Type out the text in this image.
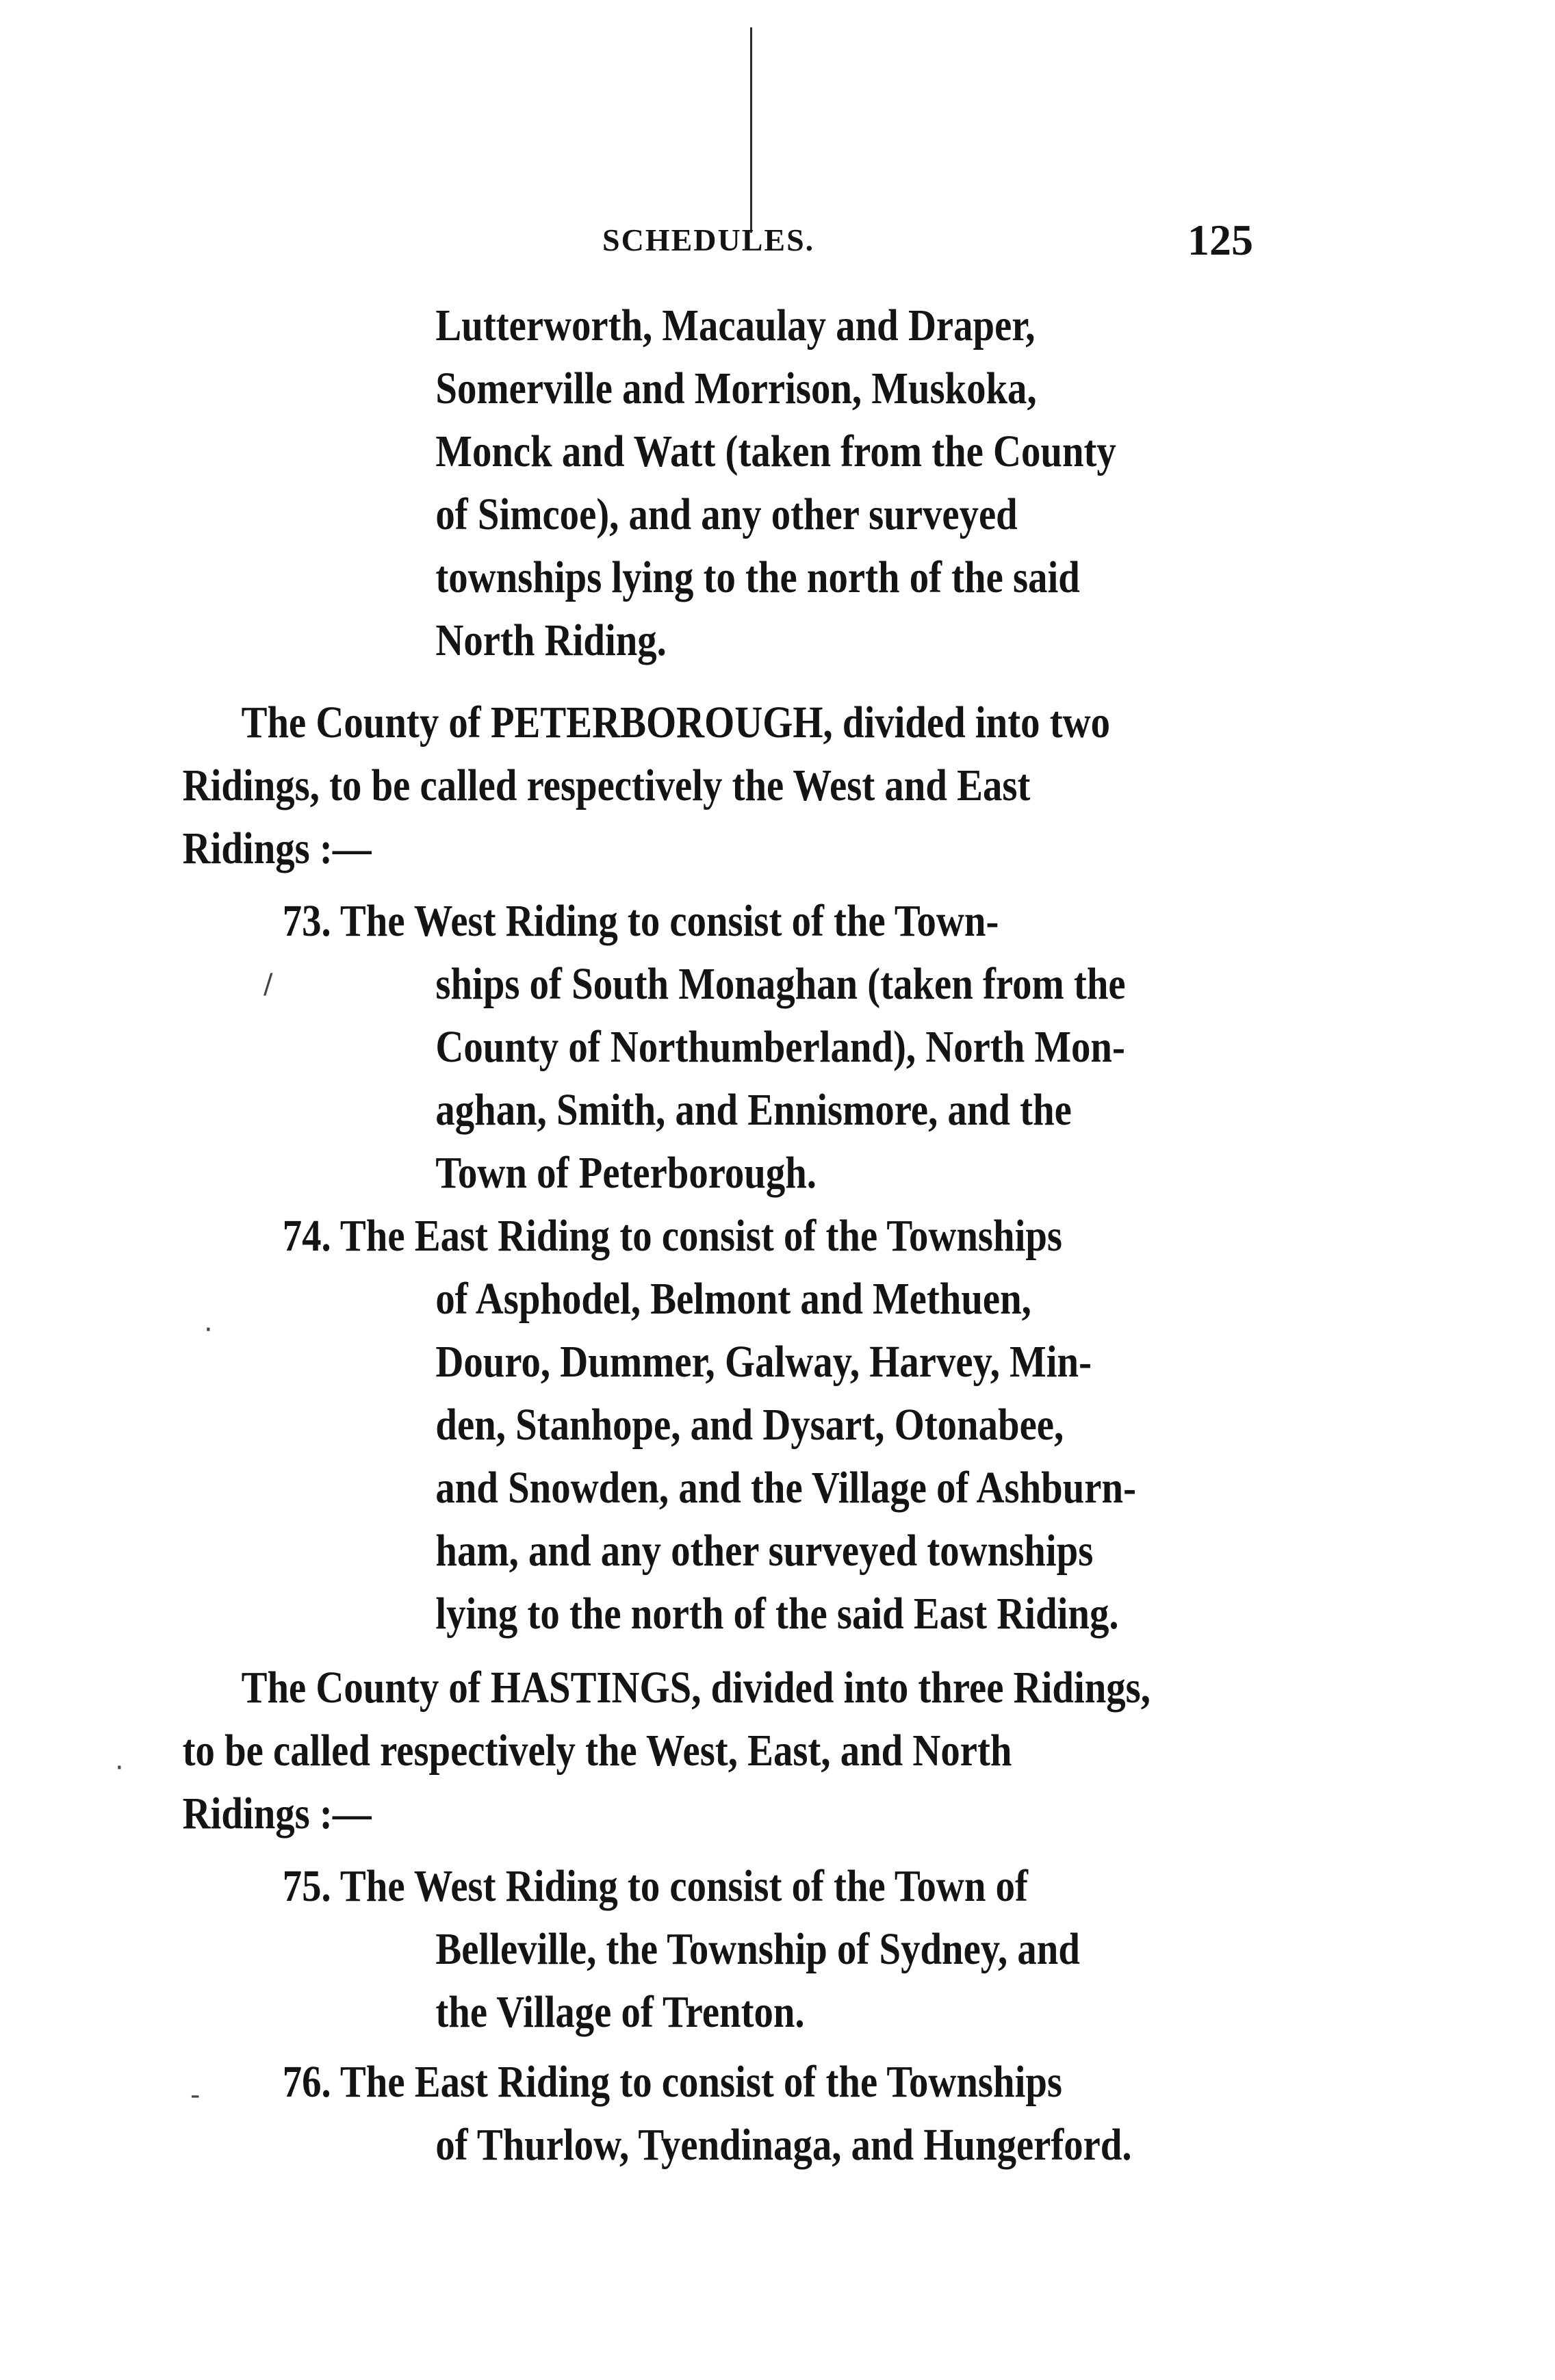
SCHEDULES.	125
Lutterworth, Macaulay and Draper,
Somerville and Morrison, Muskoka,
Monck and Watt (taken from the County
of Simcoe), and any other surveyed
townships lying to the north of the said
North Riding.
The County of PETERBOROUGH, divided into two
Ridings, to be called respectively the West and East
Ridings :—
73. The West Riding to consist of the Town-
ships of South Monaghan (taken from the
County of Northumberland), North Mon-
aghan, Smith, and Ennismore, and the
Town of Peterborough.
74. The East Riding to consist of the Townships
of Asphodel, Belmont and Methuen,
Douro, Dummer, Galway, Harvey, Min-
den, Stanhope, and Dysart, Otonabee,
and Snowden, and the Village of Ashburn-
ham, and any other surveyed townships
lying to the north of the said East Riding.
The County of HASTINGS, divided into three Ridings,
to be called respectively the West, East, and North
Ridings :—
75. The West Riding to consist of the Town of
Belleville, the Township of Sydney, and
the Village of Trenton.
76. The East Riding to consist of the Townships
of Thurlow, Tyendinaga, and Hungerford.
/
·
·
-
